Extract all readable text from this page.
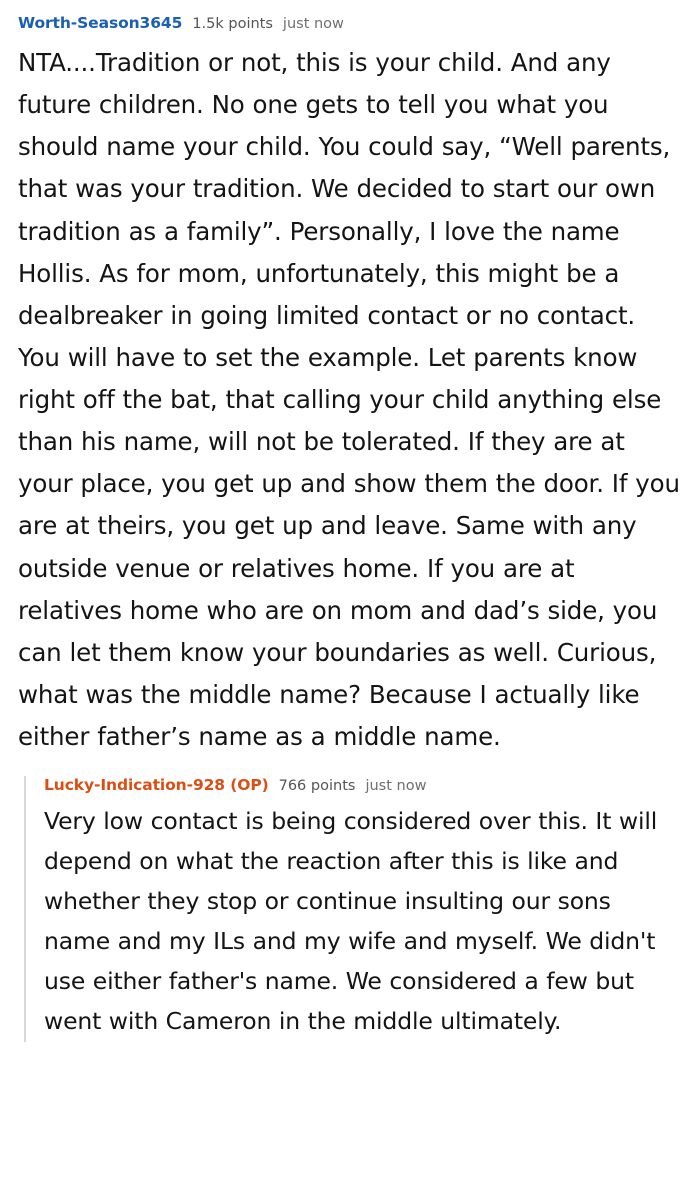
Worth-Season3645 1.5k points just now
NTA....Tradition or not, this is your child. And any future children. No one gets to tell you what you should name your child. You could say, “Well parents, that was your tradition. We decided to start our own tradition as a family”. Personally, I love the name Hollis. As for mom, unfortunately, this might be a dealbreaker in going limited contact or no contact. You will have to set the example. Let parents know right off the bat, that calling your child anything else than his name, will not be tolerated. If they are at your place, you get up and show them the door. If you are at theirs, you get up and leave. Same with any outside venue or relatives home. If you are at relatives home who are on mom and dad’s side, you can let them know your boundaries as well. Curious, what was the middle name? Because I actually like either father’s name as a middle name.
Lucky-Indication-928 (OP) 766 points just now
Very low contact is being considered over this. It will depend on what the reaction after this is like and whether they stop or continue insulting our sons name and my ILs and my wife and myself. We didn't use either father's name. We considered a few but went with Cameron in the middle ultimately.
